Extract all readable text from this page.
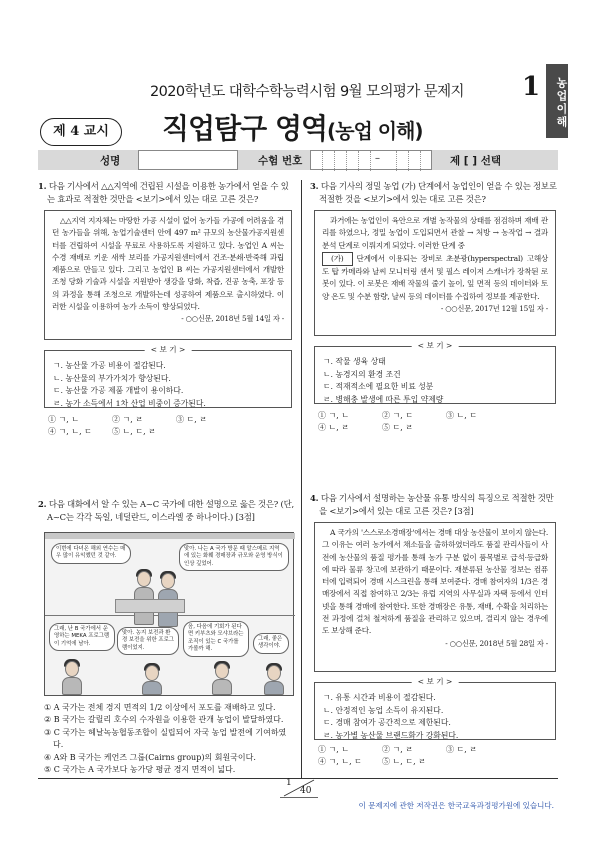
2020학년도 대학수학능력시험 9월 모의평가 문제지 1	농업이해
제 4 교시	직업탐구 영역(농업 이해)
성명	수험 번호	–	제 [ ] 선택
1. 다음 기사에서 △△지역에 건립된 시설을 이용한 농가에서 얻을 수 있는 효과로 적절한 것만을 <보기>에서 있는 대로 고른 것은?
△△지역 지자체는 마땅한 가공 시설이 없어 농가들 가공에 어려움을 겪던 농가들을 위해, 농업기술센터 안에 497 m² 규모의 농산물가공지원센터를 건립하여 시설을 무료로 사용하도록 지원하고 있다. 농업인 A 씨는 수경 재배로 키운 새싹 보리를 가공지원센터에서 건조·분쇄·반죽해 과립 제품으로 만들고 있다. 그리고 농업인 B 씨는 가공지원센터에서 개발한 조청 당화 기술과 시설을 지원받아 생강을 당화, 착즙, 진공 농축, 포장 등의 과정을 통해 조청으로 개발하는데 성공하여 제품으로 출시하였다. 이러한 시설을 이용하여 농가 소득이 향상되었다.
- ○○신문, 2018년 5월 14일 자 -
< 보 기 >
ㄱ. 농산물 가공 비용이 절감된다.
ㄴ. 농산물의 부가가치가 향상된다.
ㄷ. 농산물 가공 제품 개발이 용이하다.
ㄹ. 농가 소득에서 1차 산업 비중이 증가된다.
① ㄱ, ㄴ	② ㄱ, ㄹ	③ ㄷ, ㄹ
④ ㄱ, ㄴ, ㄷ	⑤ ㄴ, ㄷ, ㄹ
2. 다음 대화에서 알 수 있는 A~C 국가에 대한 설명으로 옳은 것은? (단, A~C는 각각 독일, 네덜란드, 이스라엘 중 하나이다.) [3점]
이번에 다녀온 해외 연수는 매우 많이 유익했던 것 같아.
맞아. 나는 A 국가 방문 때 알스메르 지역에 있는 화훼 경매장과 규모와 운영 방식이 인상 깊었어.
그래, 난 B 국가에서 운영하는 MEKA 프로그램이 기억에 남아.
맞아. 농지 보전과 환경 보전을 위한 프로그램이었지.
음, 다음에 기회가 된다면 키부츠와 모샤브라는 조직이 있는 C 국가를 가볼까 해.
그래, 좋은 생각이야.
① A 국가는 전체 경지 면적의 1/2 이상에서 포도를 재배하고 있다.
② B 국가는 갈릴리 호수의 수자원을 이용한 관개 농업이 발달하였다.
③ C 국가는 헤날녹농협동조합이 실립되어 자국 농업 발전에 기여하였다.
④ A와 B 국가는 케언즈 그룹(Cairns group)의 회원국이다.
⑤ C 국가는 A 국가보다 농가당 평균 경지 면적이 넓다.
3. 다음 기사의 정밀 농업 (가) 단계에서 농업인이 얻을 수 있는 정보로 적절한 것을 <보기>에서 있는 대로 고른 것은?
과거에는 농업인이 육안으로 개별 농작물의 상태를 점검하며 재배 관리를 하였으나, 정밀 농업이 도입되면서 관찰 → 처방 → 농작업 → 결과 분석 단계로 이뤄지게 되었다. 이러한 단계 중
(가) 단계에서 이용되는 장비로 초분광(hyperspectral) 고해상도 탑 카메라와 날씨 모니터링 센서 및 필스 레이저 스캐너가 장착된 로봇이 있다. 이 로봇은 재배 작물의 줄기 높이, 잎 면적 등의 데이터와 토양 온도 및 수분 함량, 날씨 등의 데이터를 수집하여 정보를 제공한다.
- ○○신문, 2017년 12월 15일 자 -
< 보 기 >
ㄱ. 작물 생육 상태
ㄴ. 농경지의 환경 조건
ㄷ. 적재적소에 필요한 비료 성분
ㄹ. 병해충 발생에 따른 투입 약제량
① ㄱ, ㄴ	② ㄱ, ㄷ	③ ㄴ, ㄷ
④ ㄴ, ㄹ	⑤ ㄷ, ㄹ
4. 다음 기사에서 설명하는 농산물 유통 방식의 특징으로 적절한 것만을 <보기>에서 있는 대로 고른 것은? [3점]
A 국가의 '스스로소경매장'에서는 경매 대상 농산물이 보이지 않는다. 그 이유는 여러 농가에서 채소들을 출하하였더라도 품질 관리사들이 사전에 농산물의 품질 평가를 통해 농가 구분 없이 품목별로 급석·등급화에 따라 물류 창고에 보관하기 때문이다. 재분류된 농산물 정보는 컴퓨터에 입력되어 경매 시스크린을 통해 보여준다. 경매 참여자의 1/3은 경매장에서 직접 참여하고 2/3는 유럽 지역의 사무실과 자택 등에서 인터넷을 통해 경매에 참여한다. 또한 경매장은 유통, 재배, 수확을 처리하는 전 과정에 걸쳐 철저하게 품질을 관리하고 있으며, 결리지 않는 경우에도 보상해 준다.
- ○○신문, 2018년 5월 28일 자 -
< 보 기 >
ㄱ. 유통 시간과 비용이 절감된다.
ㄴ. 안정적인 농업 소득이 유지된다.
ㄷ. 경매 참여가 공간적으로 제한된다.
ㄹ. 농가별 농산물 브랜드화가 강화된다.
① ㄱ, ㄴ	② ㄱ, ㄹ	③ ㄷ, ㄹ
④ ㄱ, ㄴ, ㄷ	⑤ ㄴ, ㄷ, ㄹ
1
40
이 문제지에 관한 저작권은 한국교육과정평가원에 있습니다.
